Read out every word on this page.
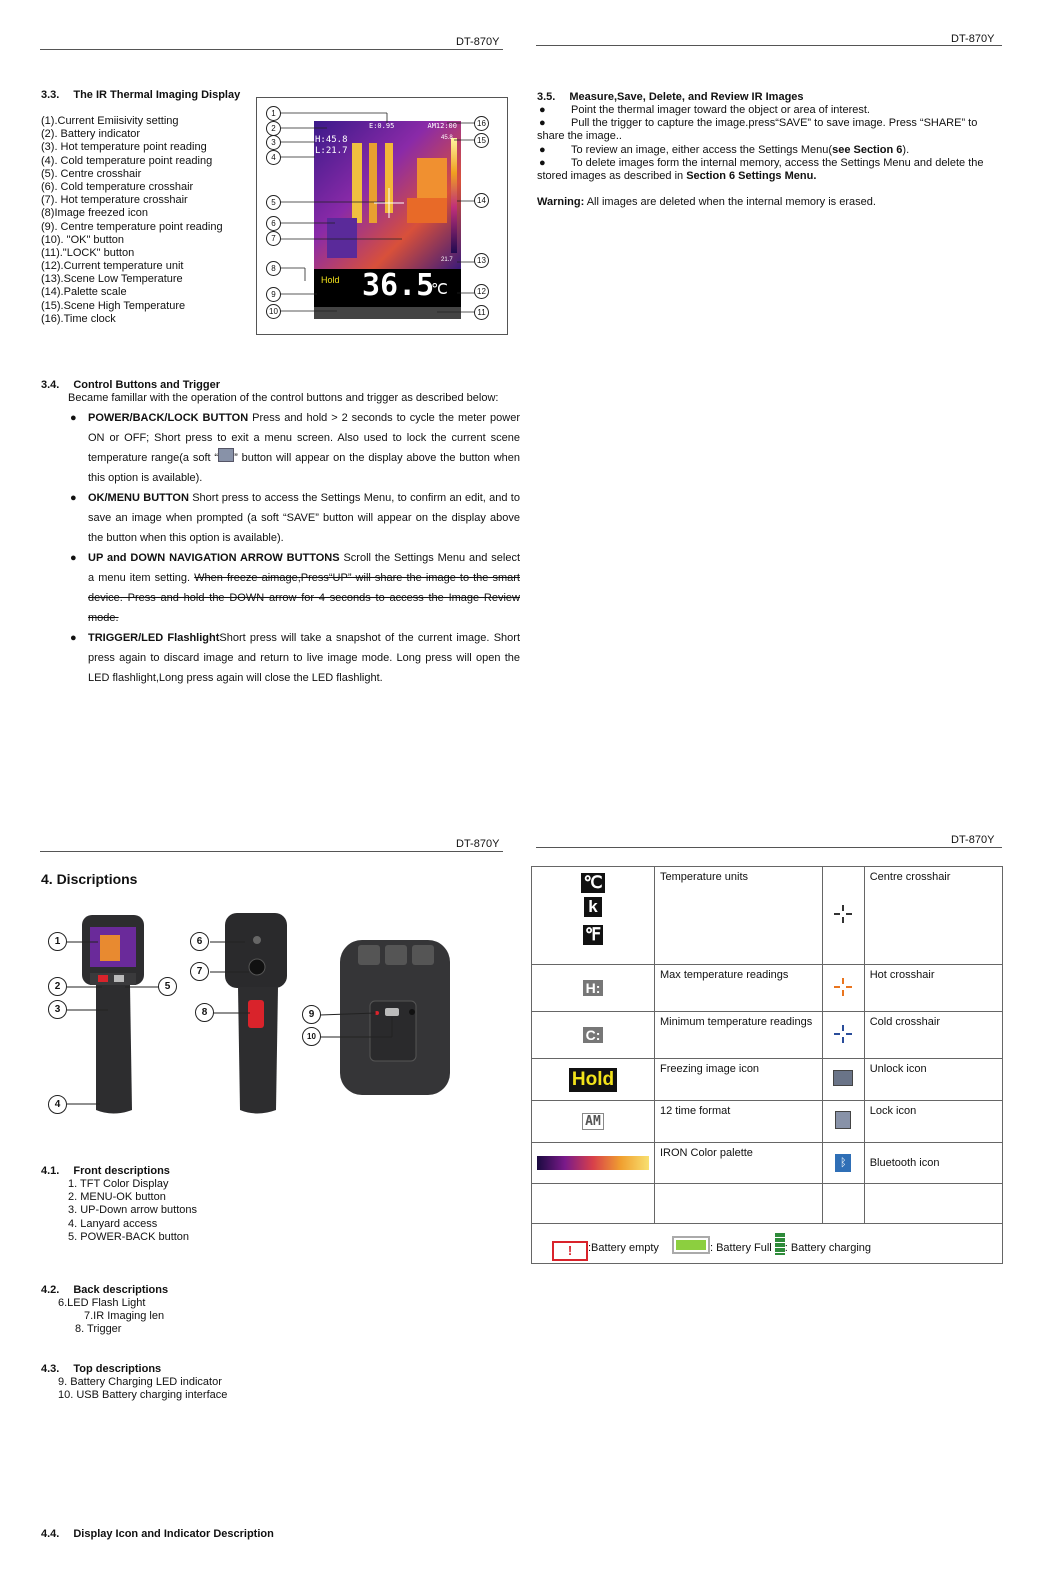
DT-870Y	DT-870Y
3.3. The IR Thermal Imaging Display
(1).Current Emiisivity setting
(2). Battery indicator
(3). Hot temperature point reading
(4). Cold temperature point reading
(5). Centre crosshair
(6). Cold temperature crosshair
(7). Hot temperature crosshair
(8)Image freezed icon
(9). Centre temperature point reading
(10). "OK" button
(11)."LOCK" button
(12).Current temperature unit
(13).Scene Low Temperature
(14).Palette scale
(15).Scene High Temperature
(16).Time clock
E:0.95	AM12:00
H:45.8
L:21.7
45.8
21.7
Hold 36.5
℃
1
2
3
4
5
6
7
8
9
10	11
12
13
14
15
16
3.5. Measure,Save, Delete, and Review IR Images
● Point the thermal imager toward the object or area of interest.
● Pull the trigger to capture the image.press“SAVE” to save image. Press “SHARE” to share the image..
● To review an image, either access the Settings Menu(see Section 6).
● To delete images form the internal memory, access the Settings Menu and delete the stored images as described in Section 6 Settings Menu.
Warning: All images are deleted when the internal memory is erased.
3.4. Control Buttons and Trigger
Became famillar with the operation of the control buttons and trigger as described below:
● POWER/BACK/LOCK BUTTON Press and hold > 2 seconds to cycle the meter power ON or OFF; Short press to exit a menu screen. Also used to lock the current scene temperature range(a soft “ ” button will appear on the display above the button when this option is available).
● OK/MENU BUTTON Short press to access the Settings Menu, to confirm an edit, and to save an image when prompted (a soft “SAVE” button will appear on the display above the button when this option is available).
● UP and DOWN NAVIGATION ARROW BUTTONS Scroll the Settings Menu and select a menu item setting. When freeze aimage,Press“UP” will share the image to the smart device. Press and hold the DOWN arrow for 4 seconds to access the Image Review mode.
● TRIGGER/LED FlashlightShort press will take a snapshot of the current image. Short press again to discard image and return to live image mode. Long press will open the LED flashlight,Long press again will close the LED flashlight.
DT-870Y	DT-870Y
4. Discriptions
1
2
3
4
5
6
7
8	9
10
4.1. Front descriptions
1. TFT Color Display
2. MENU-OK button
3. UP-Down arrow buttons
4. Lanyard access
5. POWER-BACK button
4.2. Back descriptions
6.LED Flash Light
7.IR Imaging len
8. Trigger
4.3. Top descriptions
9. Battery Charging LED indicator
10. USB Battery charging interface
4.4. Display Icon and Indicator Description
℃
k
℉	Temperature units		Centre crosshair
H:	Max temperature readings		Hot crosshair
C:	Minimum temperature readings		Cold crosshair
Hold	Freezing image icon		Unlock icon
AM	12 time format		Lock icon

	IRON Color palette	ᛒ	Bluetooth icon

! :Battery empty : Battery Full : Battery charging			
